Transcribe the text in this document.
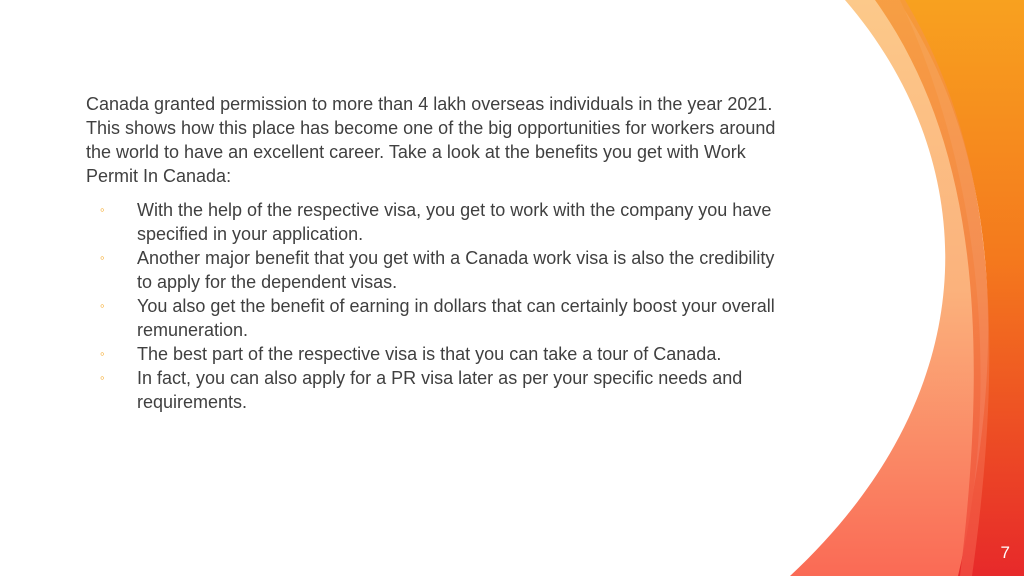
Canada granted permission to more than 4 lakh overseas individuals in the year 2021. This shows how this place has become one of the big opportunities for workers around the world to have an excellent career. Take a look at the benefits you get with Work Permit In Canada:

◦ With the help of the respective visa, you get to work with the company you have specified in your application.
◦ Another major benefit that you get with a Canada work visa is also the credibility to apply for the dependent visas.
◦ You also get the benefit of earning in dollars that can certainly boost your overall remuneration.
◦ The best part of the respective visa is that you can take a tour of Canada.
◦ In fact, you can also apply for a PR visa later as per your specific needs and requirements.
7
